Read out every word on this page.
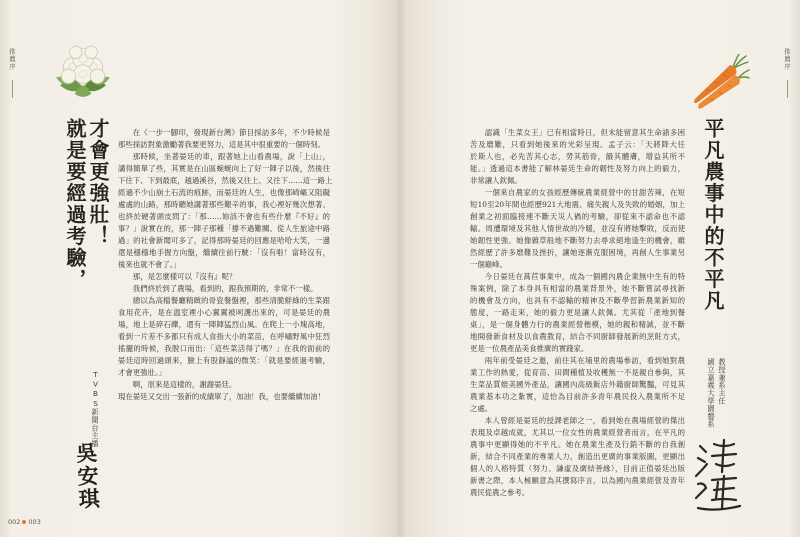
推薦序	推薦序
才會更強壯！
就是要經過考驗，
TVBS新聞台主播
吳安琪
在《一步一腳印，發現新台灣》節目採訪多年，不少時候是
那些採訪對象激勵著我要更努力，這是其中很重要的一個時刻。
那時候，坐著晏廷的車，跟著她上山看農場，說「上山」，
講得簡單了些，其實是在山區蜿蜒向上了好一陣子以後，然後往
下往下、下到最底，越過溪谷，然後又往上、又往下……這一路上
經過不少山崩土石流的痕跡，而晏廷的人生，也像那崎嶇又阻礙
處處的山路，那時聽她講著那些艱辛的事，我心裡好幾次想著、
也終於硬著頭皮問了：「那……妳該不會也有些什麼『不好』的
事？」說實在的，那一陣子那種「撐不過難關、從人生旅途中路
過」的社會新聞可多了，記得那時晏廷的回應是哈哈大笑，一邊
還是穩穩地手握方向盤，繼續往前行駛：「沒有啦！當時沒有，
後來也就不會了。」
那，是怎麼樣可以『沒有』呢？
我們終於到了農場，看到的，跟我預期的，非常不一樣。
總以為高檔餐廳精緻的骨瓷餐盤裡，那些清脆鮮綠的生菜跟
食用花卉，是在溫室裡小心翼翼被呵護出來的，可是晏廷的農
場，地上是碎石礫，還有一陣陣猛烈山風。在爬上一小塊高地，
看到一片差不多都只有成人食指大小的菜苗，在呼嘯野風中狂烈
搖擺的時候，我脫口而出：「這些菜活得了嗎？」在我的面前的
晏廷這時回過頭來，臉上有股靜謐的微笑：「就是要經過考驗，
才會更強壯。」
啊，原來是這樣的，謝謝晏廷。
現在晏廷又交出一張新的成績單了，加油！我，也要繼續加油！
002 003
平凡農事中的不平凡
教授兼系主任
國立嘉義大學園藝系
認識「生菜女王」已有相當時日，但未能留意其生命諸多困
苦及磨難，只看到她後來的光彩呈現。孟子云：「天將降大任
於斯人也，必先苦其心志，勞其筋骨，餓其體膚，增益其所不
能。」透過這本書能了解林晏廷生命的韌性及努力向上的毅力，
非常讓人欽佩。
一個來自農家的女孩經歷傳統農業經營中的甘甜苦辣，在短
短10至20年間也經歷921大地震、痛失親人及失敗的婚姻，加上
創業之初面臨接連不斷天災人禍的考驗，卻從來不認命也不認
輸。周遭環境及其他人情世故的冷暖，並沒有將她擊敗，反而使
她韌性更強。她像雜草般地不斷努力去尋求絕地逢生的機會，雖
然經歷了許多磨難及挫折，讓她逐漸克服困境，再創人生事業另
一個巔峰。
今日晏廷在萵苣事業中，成為一個國內農企業無中生有的特
殊案例，除了本身具有相當的農業背景外，她不斷嘗試尋找新
的機會及方向，也具有不認輸的精神及不斷學習新農業新知的
態度，一路走來，她的毅力更是讓人欽佩。尤其從「產地到餐
桌」，是一個身體力行的農業經營楷模，她的親和精誠，並不斷
地開發新食材及以食農教育，結合不同廚師發展新的烹飪方式，
更是一位農產品美食推廣的實踐家。
兩年前受晏廷之邀，前往其在埔里的農場參訪，看到她對農
業工作的熱愛，從育苗、田間種植及收穫無一不是親自參與，其
生菜品質媲美國外產品，讓國內高級飯店外籍廚師驚豔，可見其
農業基本功之紮實，這恰為目前許多青年農民投入農業所不足
之處。
本人曾經是晏廷的授課老師之一，看到她在農場經營的傑出
表現及卓越成就，尤其以一位女性的農業經營者而言，在平凡的
農事中更顯得她的不平凡。她在農業生產及行銷不斷的自我創
新，結合不同產業的專業人力，創造出更廣的事業版圖，更顯出
個人的人格特質（努力、謙虛及廣結善緣），目前正值晏廷出版
新書之際，本人極願意為其撰寫序言，以為國內農業經營及青年
農民從農之參考。
